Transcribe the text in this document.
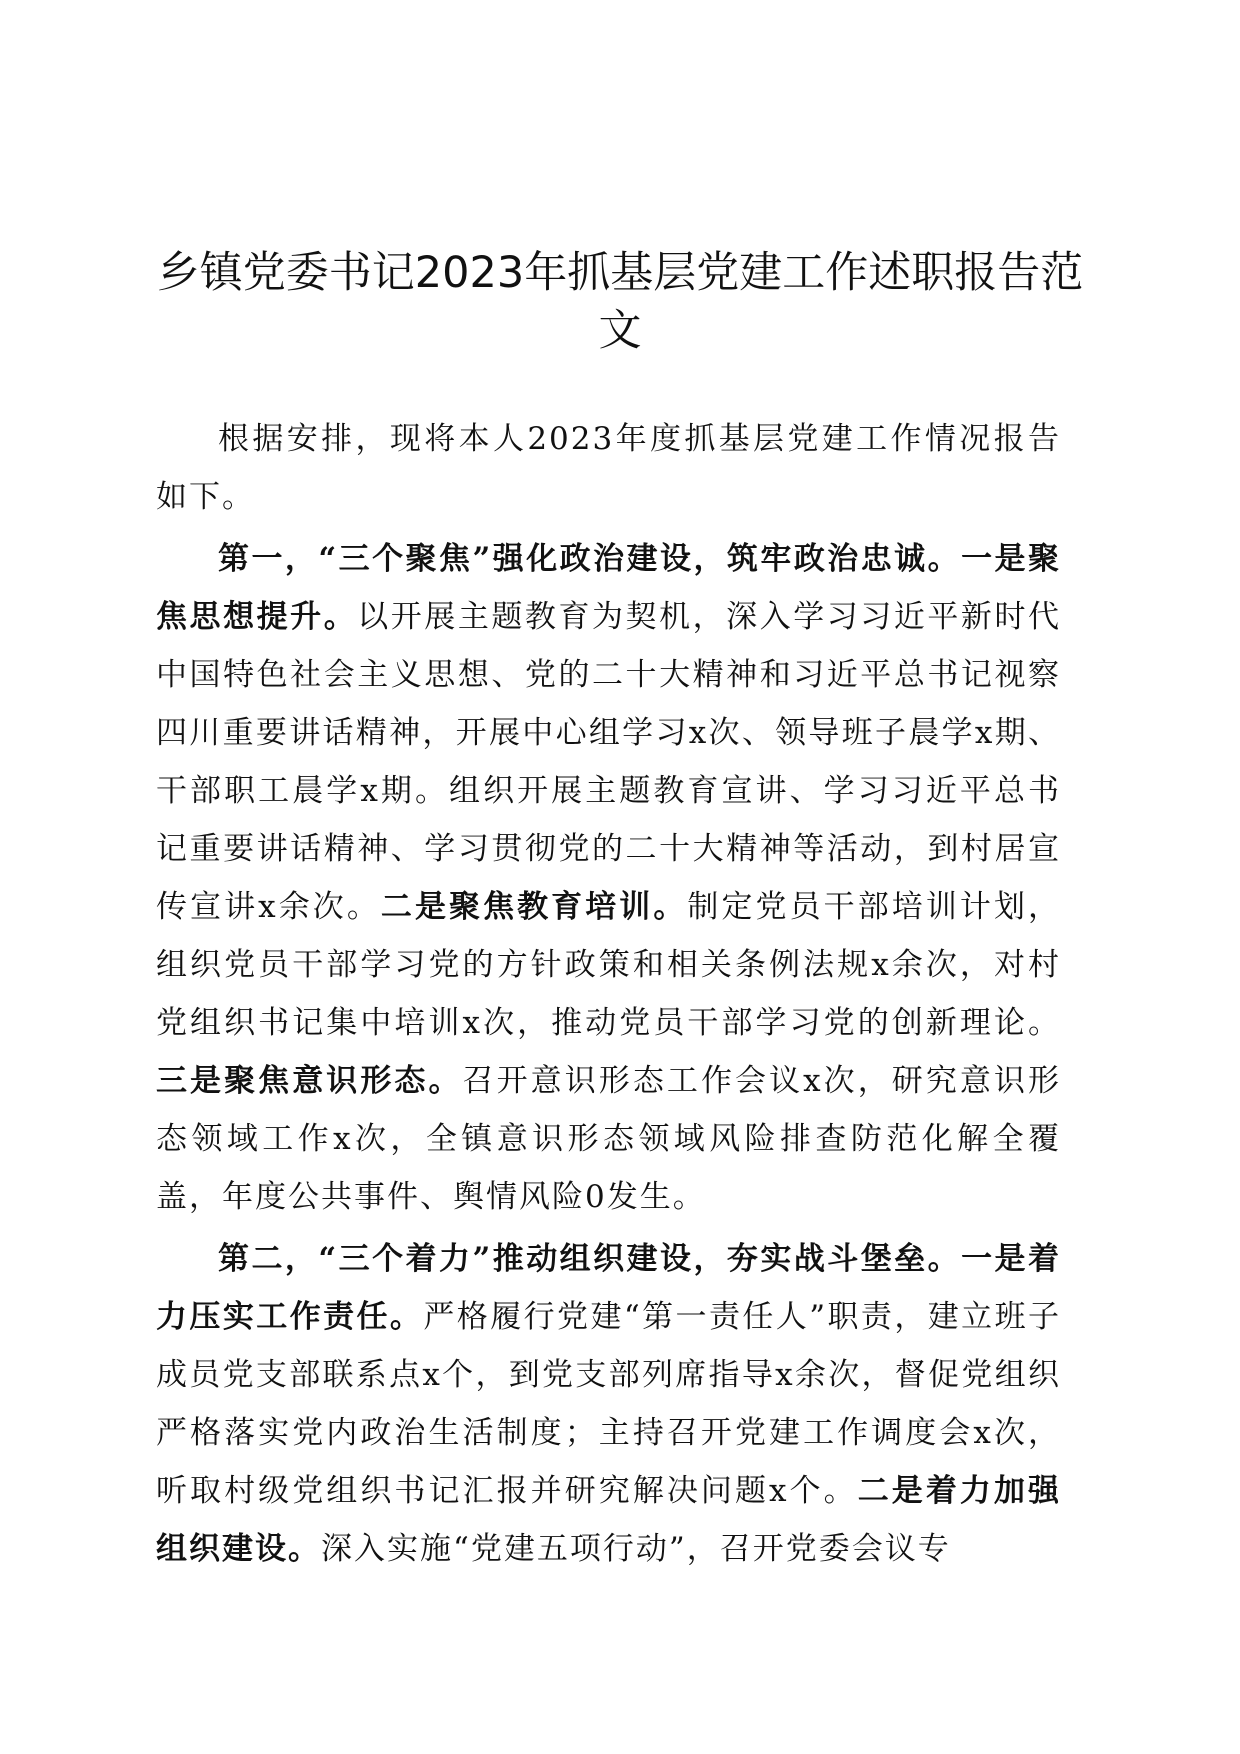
乡镇党委书记2023年抓基层党建工作述职报告范文

根据安排，现将本人2023年度抓基层党建工作情况报告如下。

第一，“三个聚焦”强化政治建设，筑牢政治忠诚。一是聚焦思想提升。以开展主题教育为契机，深入学习习近平新时代中国特色社会主义思想、党的二十大精神和习近平总书记视察四川重要讲话精神，开展中心组学习x次、领导班子晨学x期、干部职工晨学x期。组织开展主题教育宣讲、学习习近平总书记重要讲话精神、学习贯彻党的二十大精神等活动，到村居宣传宣讲x余次。二是聚焦教育培训。制定党员干部培训计划，组织党员干部学习党的方针政策和相关条例法规x余次，对村党组织书记集中培训x次，推动党员干部学习党的创新理论。三是聚焦意识形态。召开意识形态工作会议x次，研究意识形态领域工作x次，全镇意识形态领域风险排查防范化解全覆盖，年度公共事件、舆情风险0发生。

第二，“三个着力”推动组织建设，夯实战斗堡垒。一是着力压实工作责任。严格履行党建“第一责任人”职责，建立班子成员党支部联系点x个，到党支部列席指导x余次，督促党组织严格落实党内政治生活制度；主持召开党建工作调度会x次，听取村级党组织书记汇报并研究解决问题x个。二是着力加强组织建设。深入实施“党建五项行动”，召开党委会议专
